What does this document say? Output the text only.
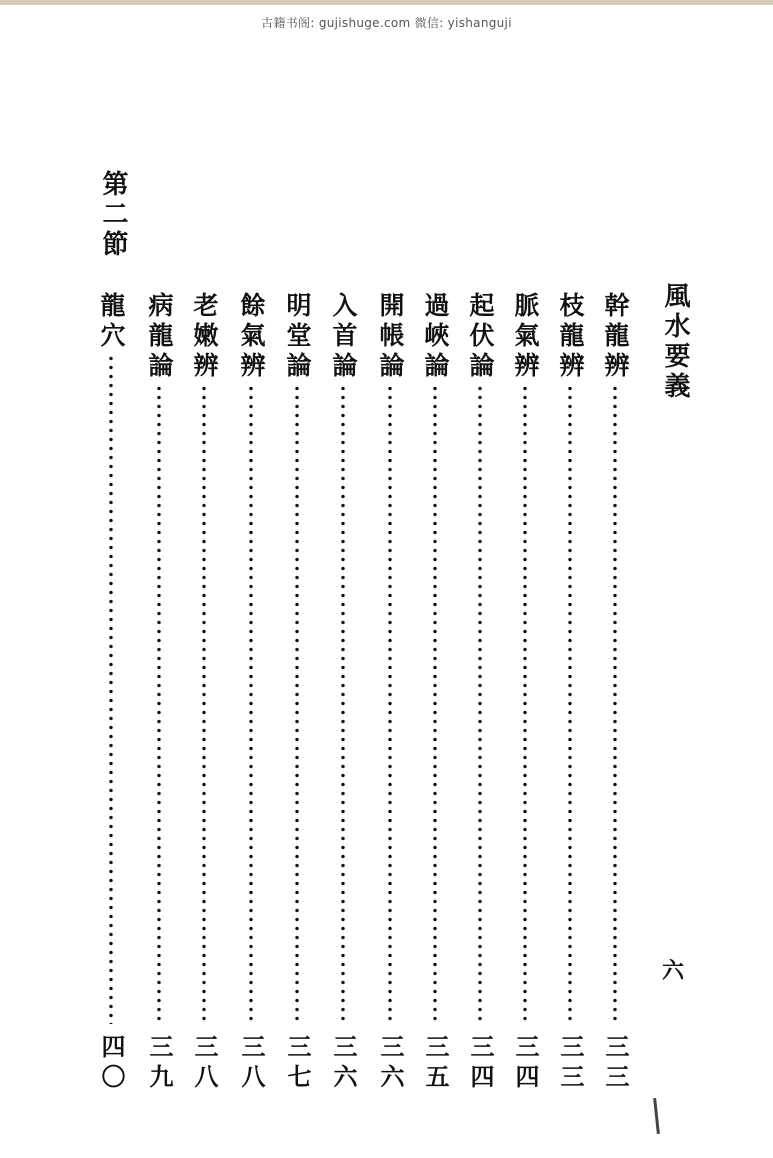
古籍书阁: gujishuge.com 微信: yishanguji
風水要義
第二節
六
幹龍辨
三三
枝龍辨
三三
脈氣辨
三四
起伏論
三四
過峽論
三五
開帳論
三六
入首論
三六
明堂論
三七
餘氣辨
三八
老嫩辨
三八
病龍論
三九
龍穴
四〇
